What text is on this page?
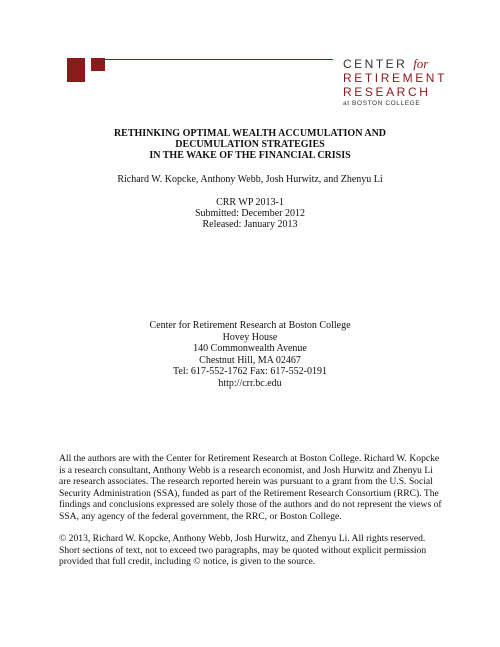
CENTER for
RETIREMENT
RESEARCH
at BOSTON COLLEGE
RETHINKING OPTIMAL WEALTH ACCUMULATION AND
DECUMULATION STRATEGIES
IN THE WAKE OF THE FINANCIAL CRISIS
Richard W. Kopcke, Anthony Webb, Josh Hurwitz, and Zhenyu Li
CRR WP 2013-1
Submitted: December 2012
Released: January 2013
Center for Retirement Research at Boston College
Hovey House
140 Commonwealth Avenue
Chestnut Hill, MA 02467
Tel: 617-552-1762 Fax: 617-552-0191
http://crr.bc.edu

All the authors are with the Center for Retirement Research at Boston College. Richard W. Kopcke is a research consultant, Anthony Webb is a research economist, and Josh Hurwitz and Zhenyu Li are research associates. The research reported herein was pursuant to a grant from the U.S. Social Security Administration (SSA), funded as part of the Retirement Research Consortium (RRC). The findings and conclusions expressed are solely those of the authors and do not represent the views of SSA, any agency of the federal government, the RRC, or Boston College.

© 2013, Richard W. Kopcke, Anthony Webb, Josh Hurwitz, and Zhenyu Li. All rights reserved. Short sections of text, not to exceed two paragraphs, may be quoted without explicit permission provided that full credit, including © notice, is given to the source.
